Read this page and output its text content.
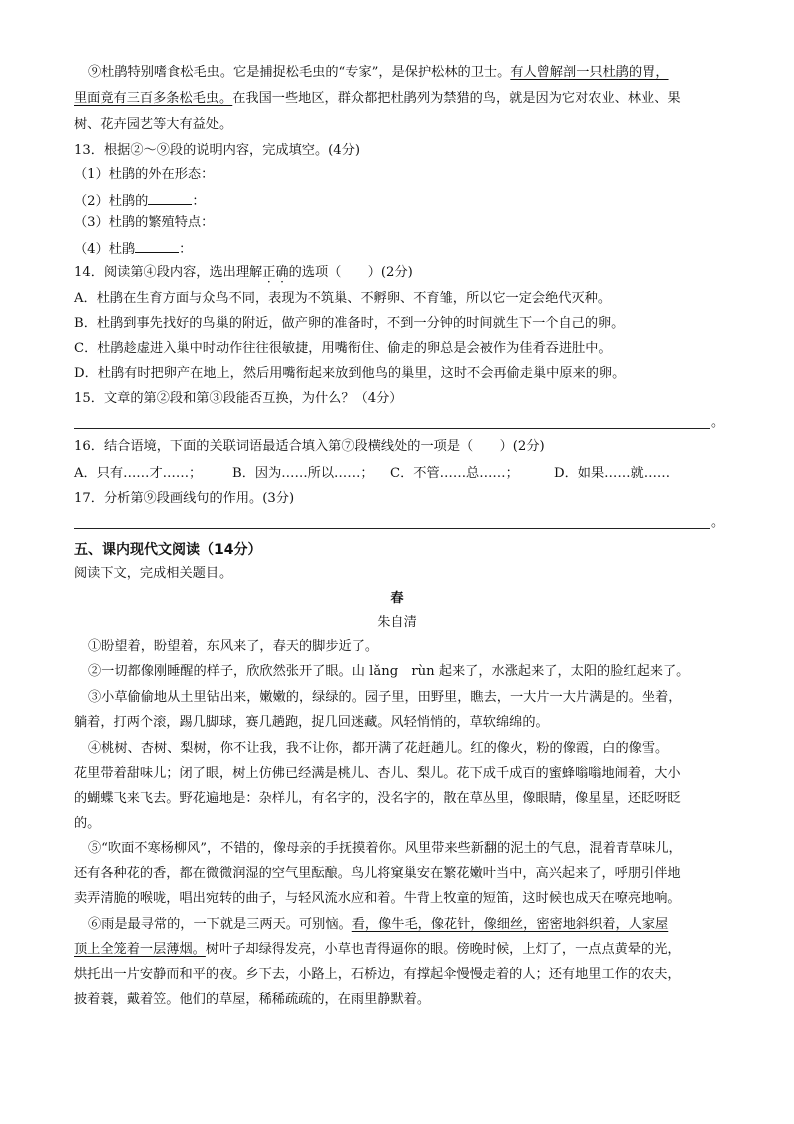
⑨杜鹃特别嗜食松毛虫。它是捕捉松毛虫的“专家”，是保护松林的卫士。有人曾解剖一只杜鹃的胃，
里面竟有三百多条松毛虫。在我国一些地区，群众都把杜鹃列为禁猎的鸟，就是因为它对农业、林业、果
树、花卉园艺等大有益处。
13．根据②～⑨段的说明内容，完成填空。(4分)
（1）杜鹃的外在形态：
（2）杜鹃的	：
（3）杜鹃的繁殖特点：
（4）杜鹃	：
14．阅读第④段内容，选出理解正确的选项（　　）(2分)
A．杜鹃在生育方面与众鸟不同，表现为不筑巢、不孵卵、不育雏，所以它一定会绝代灭种。
B．杜鹃到事先找好的鸟巢的附近，做产卵的准备时，不到一分钟的时间就生下一个自己的卵。
C．杜鹃趁虚进入巢中时动作往往很敏捷，用嘴衔住、偷走的卵总是会被作为佳肴吞进肚中。
D．杜鹃有时把卵产在地上，然后用嘴衔起来放到他鸟的巢里，这时不会再偷走巢中原来的卵。
15．文章的第②段和第③段能否互换，为什么？（4分）
。
16．结合语境，下面的关联词语最适合填入第⑦段横线处的一项是（　　）(2分)
A．只有……才……； B．因为……所以……； C．不管……总……；	D．如果……就……
17．分析第⑨段画线句的作用。(3分)
。
五、课内现代文阅读（14分）
阅读下文，完成相关题目。
春
朱自清
①盼望着，盼望着，东风来了，春天的脚步近了。
②一切都像刚睡醒的样子，欣欣然张开了眼。山 lǎng　rùn 起来了，水涨起来了，太阳的脸红起来了。
③小草偷偷地从土里钻出来，嫩嫩的，绿绿的。园子里，田野里，瞧去，一大片一大片满是的。坐着，
躺着，打两个滚，踢几脚球，赛几趟跑，捉几回迷藏。风轻悄悄的，草软绵绵的。
④桃树、杏树、梨树，你不让我，我不让你，都开满了花赶趟儿。红的像火，粉的像霞，白的像雪。
花里带着甜味儿；闭了眼，树上仿佛已经满是桃儿、杏儿、梨儿。花下成千成百的蜜蜂嗡嗡地闹着，大小
的蝴蝶飞来飞去。野花遍地是：杂样儿，有名字的，没名字的，散在草丛里，像眼睛，像星星，还眨呀眨
的。
⑤“吹面不寒杨柳风”，不错的，像母亲的手抚摸着你。风里带来些新翻的泥土的气息，混着青草味儿，
还有各种花的香，都在微微润湿的空气里酝酿。鸟儿将窠巢安在繁花嫩叶当中，高兴起来了，呼朋引伴地
卖弄清脆的喉咙，唱出宛转的曲子，与轻风流水应和着。牛背上牧童的短笛，这时候也成天在嘹亮地响。
⑥雨是最寻常的，一下就是三两天。可别恼。看，像牛毛，像花针，像细丝，密密地斜织着，人家屋
顶上全笼着一层薄烟。树叶子却绿得发亮，小草也青得逼你的眼。傍晚时候，上灯了，一点点黄晕的光，
烘托出一片安静而和平的夜。乡下去，小路上，石桥边，有撑起伞慢慢走着的人；还有地里工作的农夫，
披着蓑，戴着笠。他们的草屋，稀稀疏疏的，在雨里静默着。
